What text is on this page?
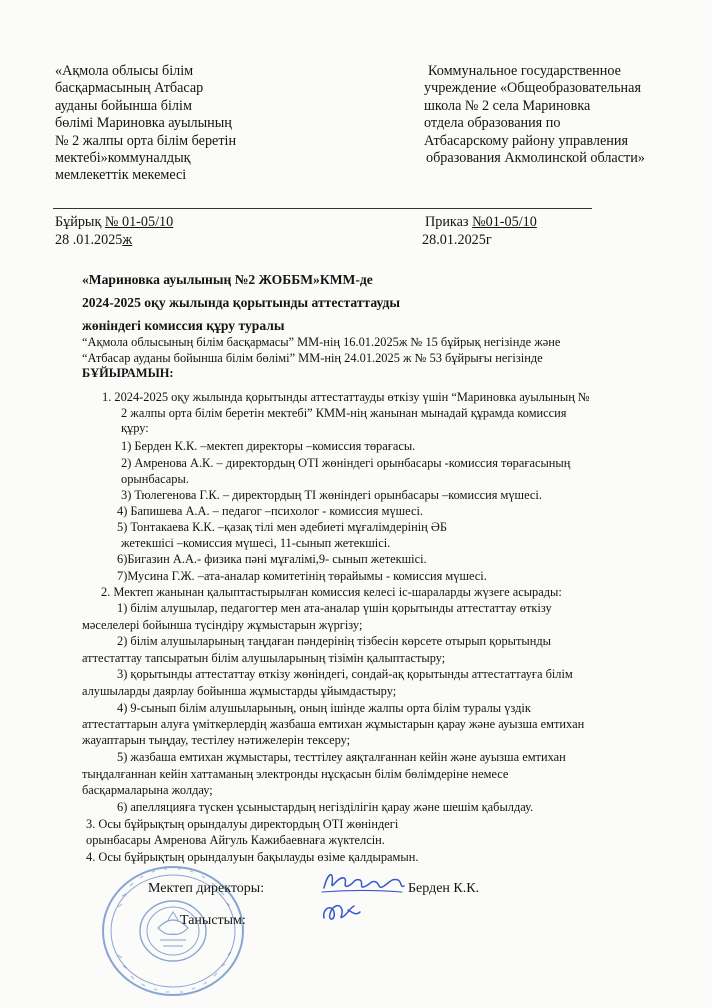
«Ақмола облысы білім
басқармасының Атбасар
ауданы бойынша білім
бөлімі Мариновка ауылының
№ 2 жалпы орта білім беретін
мектебі»коммуналдық
мемлекеттік мекемесі
Коммунальное государственное
учреждение «Общеобразовательная
школа № 2 села Мариновка
отдела образования по
Атбасарскому району управления
образования Акмолинской области»
Бұйрық № 01-05/10
28 .01.2025ж
Приказ №01-05/10
28.01.2025г
«Мариновка ауылының №2 ЖОББМ»КММ-де
2024-2025 оқу жылында қорытынды аттестаттауды
жөніндегі комиссия құру туралы
“Ақмола облысының білім басқармасы” ММ-нің 16.01.2025ж № 15 бұйрық негізінде және
“Атбасар ауданы бойынша білім бөлімі” ММ-нің 24.01.2025 ж № 53 бұйрығы негізінде
БҰЙЫРАМЫН:
1. 2024-2025 оқу жылында қорытынды аттестаттауды өткізу үшін “Мариновка ауылының №
2 жалпы орта білім беретін мектебі” КММ-нің жанынан мынадай құрамда комиссия
құру:
1) Берден К.К. –мектеп директоры –комиссия төрағасы.
2) Амренова А.К. – директордың ОТІ жөніндегі орынбасары -комиссия төрағасының
орынбасары.
3) Тюлегенова Г.К. – директордың ТІ жөніндегі орынбасары –комиссия мүшесі.
4) Бапишева А.А. – педагог –психолог - комиссия мүшесі.
5) Тонтакаева К.К. –қазақ тілі мен әдебиеті мұғалімдерінің ӘБ
жетекшісі –комиссия мүшесі, 11-сынып жетекшісі.
6)Бигазин А.А.- физика пәні мұғалімі,9- сынып жетекшісі.
7)Мусина Г.Ж. –ата-аналар комитетінің төрайымы - комиссия мүшесі.
2. Мектеп жанынан қалыптастырылған комиссия келесі іс-шараларды жүзеге асырады:
1) білім алушылар, педагогтер мен ата-аналар үшін қорытынды аттестаттау өткізу
мәселелері бойынша түсіндіру жұмыстарын жүргізу;
2) білім алушыларының таңдаған пәндерінің тізбесін көрсете отырып қорытынды
аттестаттау тапсыратын білім алушыларының тізімін қалыптастыру;
3) қорытынды аттестаттау өткізу жөніндегі, сондай-ақ қорытынды аттестаттауға білім
алушыларды даярлау бойынша жұмыстарды ұйымдастыру;
4) 9-сынып білім алушыларының, оның ішінде жалпы орта білім туралы үздік
аттестаттарын алуға үміткерлердің жазбаша емтихан жұмыстарын қарау және ауызша емтихан
жауаптарын тыңдау, тестілеу нәтижелерін тексеру;
5) жазбаша емтихан жұмыстары, тесттілеу аяқталғаннан кейін және ауызша емтихан
тыңдалғаннан кейін хаттаманың электронды нұсқасын білім бөлімдеріне немесе
басқармаларына жолдау;
6) апелляцияға түскен ұсыныстардың негізділігін қарау және шешім қабылдау.
3. Осы бұйрықтың орындалуы директордың ОТІ жөніндегі
орынбасары Амренова Айгуль Кажибаевнаға жүктелсін.
4. Осы бұйрықтың орындалуын бақылауды өзіме қалдырамын.
Мектеп директоры:	Берден К.К.
Таныстым:
